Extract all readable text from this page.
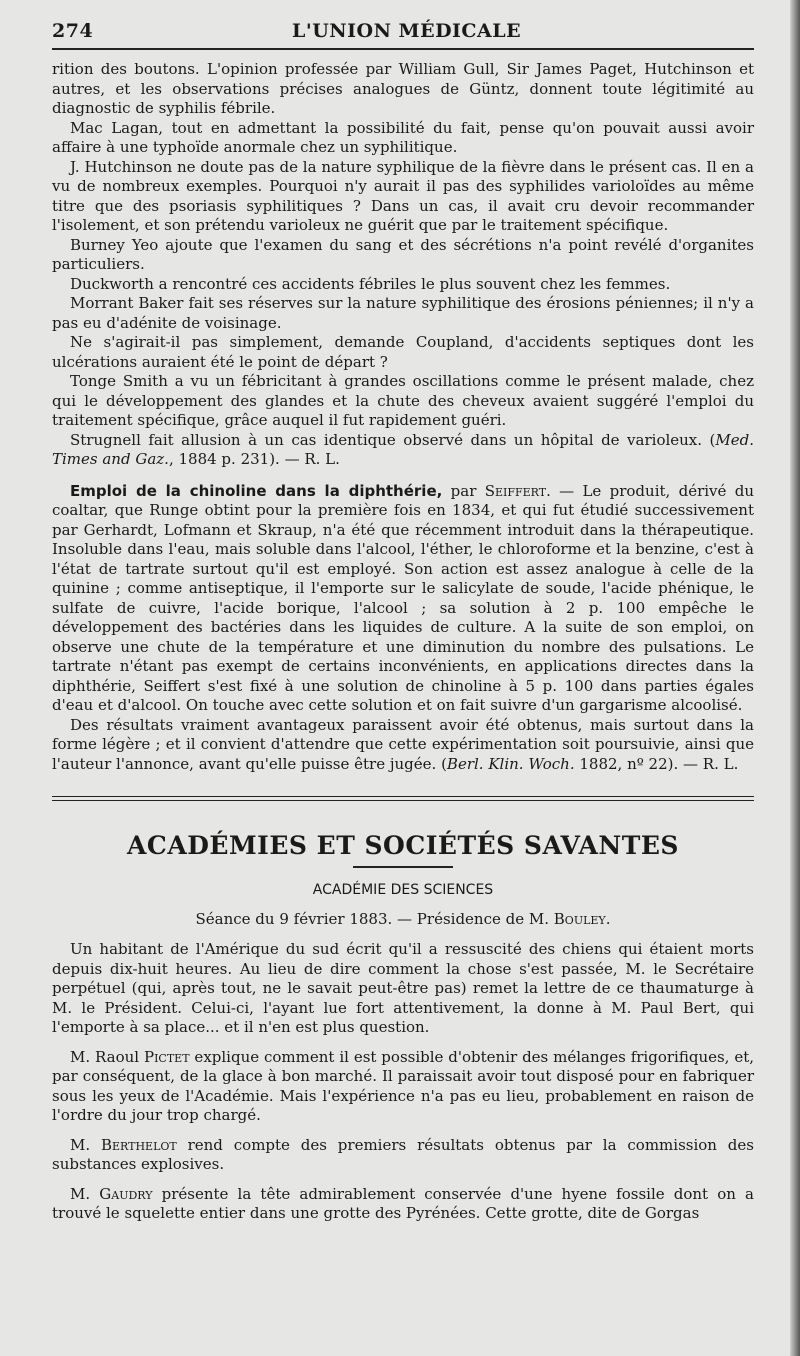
274	L'UNION MÉDICALE

rition des boutons. L'opinion professée par William Gull, Sir James Paget, Hutchinson et autres, et les observations précises analogues de Güntz, donnent toute légitimité au diagnostic de syphilis fébrile.

Mac Lagan, tout en admettant la possibilité du fait, pense qu'on pouvait aussi avoir affaire à une typhoïde anormale chez un syphilitique.

J. Hutchinson ne doute pas de la nature syphilique de la fièvre dans le présent cas. Il en a vu de nombreux exemples. Pourquoi n'y aurait il pas des syphilides varioloïdes au même titre que des psoriasis syphilitiques ? Dans un cas, il avait cru devoir recommander l'isolement, et son prétendu varioleux ne guérit que par le traitement spécifique.

Burney Yeo ajoute que l'examen du sang et des sécrétions n'a point revélé d'organites particuliers.

Duckworth a rencontré ces accidents fébriles le plus souvent chez les femmes.

Morrant Baker fait ses réserves sur la nature syphilitique des érosions péniennes; il n'y a pas eu d'adénite de voisinage.

Ne s'agirait-il pas simplement, demande Coupland, d'accidents septiques dont les ulcérations auraient été le point de départ ?

Tonge Smith a vu un fébricitant à grandes oscillations comme le présent malade, chez qui le développement des glandes et la chute des cheveux avaient suggéré l'emploi du traitement spécifique, grâce auquel il fut rapidement guéri.

Strugnell fait allusion à un cas identique observé dans un hôpital de varioleux. (Med. Times and Gaz., 1884 p. 231). — R. L.

Emploi de la chinoline dans la diphthérie, par Seiffert. — Le produit, dérivé du coaltar, que Runge obtint pour la première fois en 1834, et qui fut étudié successivement par Gerhardt, Lofmann et Skraup, n'a été que récemment introduit dans la thérapeutique. Insoluble dans l'eau, mais soluble dans l'alcool, l'éther, le chloroforme et la benzine, c'est à l'état de tartrate surtout qu'il est employé. Son action est assez analogue à celle de la quinine ; comme antiseptique, il l'emporte sur le salicylate de soude, l'acide phénique, le sulfate de cuivre, l'acide borique, l'alcool ; sa solution à 2 p. 100 empêche le développement des bactéries dans les liquides de culture. A la suite de son emploi, on observe une chute de la température et une diminution du nombre des pulsations. Le tartrate n'étant pas exempt de certains inconvénients, en applications directes dans la diphthérie, Seiffert s'est fixé à une solution de chinoline à 5 p. 100 dans parties égales d'eau et d'alcool. On touche avec cette solution et on fait suivre d'un gargarisme alcoolisé.

Des résultats vraiment avantageux paraissent avoir été obtenus, mais surtout dans la forme légère ; et il convient d'attendre que cette expérimentation soit poursuivie, ainsi que l'auteur l'annonce, avant qu'elle puisse être jugée. (Berl. Klin. Woch. 1882, nº 22). — R. L.

ACADÉMIES ET SOCIÉTÉS SAVANTES
ACADÉMIE DES SCIENCES
Séance du 9 février 1883. — Présidence de M. Bouley.

Un habitant de l'Amérique du sud écrit qu'il a ressuscité des chiens qui étaient morts depuis dix-huit heures. Au lieu de dire comment la chose s'est passée, M. le Secrétaire perpétuel (qui, après tout, ne le savait peut-être pas) remet la lettre de ce thaumaturge à M. le Président. Celui-ci, l'ayant lue fort attentivement, la donne à M. Paul Bert, qui l'emporte à sa place... et il n'en est plus question.

M. Raoul Pictet explique comment il est possible d'obtenir des mélanges frigorifiques, et, par conséquent, de la glace à bon marché. Il paraissait avoir tout disposé pour en fabriquer sous les yeux de l'Académie. Mais l'expérience n'a pas eu lieu, probablement en raison de l'ordre du jour trop chargé.

M. Berthelot rend compte des premiers résultats obtenus par la commission des substances explosives.

M. Gaudry présente la tête admirablement conservée d'une hyene fossile dont on a trouvé le squelette entier dans une grotte des Pyrénées. Cette grotte, dite de Gorgas
